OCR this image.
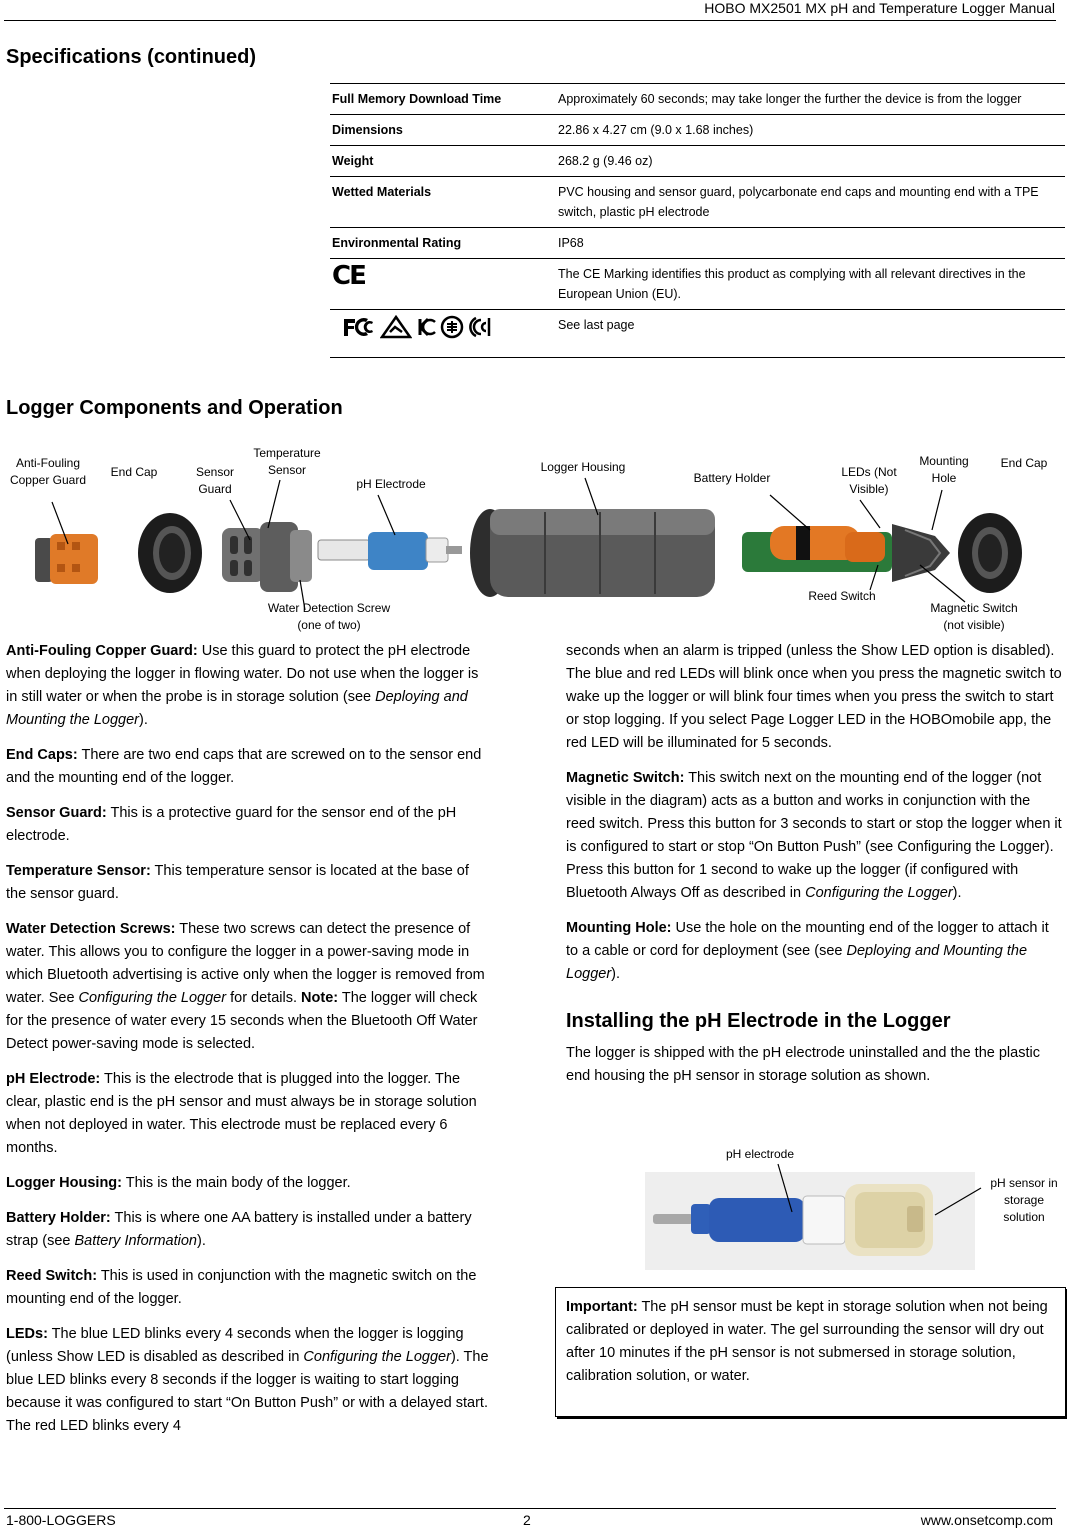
HOBO MX2501 MX pH and Temperature Logger Manual
Specifications (continued)
Full Memory Download Time	Approximately 60 seconds; may take longer the further the device is from the logger
Dimensions	22.86 x 4.27 cm (9.0 x 1.68 inches)
Weight	268.2 g (9.46 oz)
Wetted Materials	PVC housing and sensor guard, polycarbonate end caps and mounting end with a TPE switch, plastic pH electrode
Environmental Rating	IP68
CE	The CE Marking identifies this product as complying with all relevant directives in the European Union (EU).

	See last page
Logger Components and Operation
Anti-Fouling Copper Guard
End Cap	Sensor Guard
Temperature Sensor
pH Electrode
Logger Housing
Battery Holder	LEDs (Not Visible)
Mounting Hole
End Cap
Water Detection Screw (one of two)
Reed Switch
Magnetic Switch (not visible)

Anti-Fouling Copper Guard: Use this guard to protect the pH electrode when deploying the logger in flowing water. Do not use when the logger is in still water or when the probe is in storage solution (see Deploying and Mounting the Logger).

End Caps: There are two end caps that are screwed on to the sensor end and the mounting end of the logger.

Sensor Guard: This is a protective guard for the sensor end of the pH electrode.

Temperature Sensor: This temperature sensor is located at the base of the sensor guard.

Water Detection Screws: These two screws can detect the presence of water. This allows you to configure the logger in a power-saving mode in which Bluetooth advertising is active only when the logger is removed from water. See Configuring the Logger for details. Note: The logger will check for the presence of water every 15 seconds when the Bluetooth Off Water Detect power-saving mode is selected.

pH Electrode: This is the electrode that is plugged into the logger. The clear, plastic end is the pH sensor and must always be in storage solution when not deployed in water. This electrode must be replaced every 6 months.

Logger Housing: This is the main body of the logger.

Battery Holder: This is where one AA battery is installed under a battery strap (see Battery Information).

Reed Switch: This is used in conjunction with the magnetic switch on the mounting end of the logger.

LEDs: The blue LED blinks every 4 seconds when the logger is logging (unless Show LED is disabled as described in Configuring the Logger). The blue LED blinks every 8 seconds if the logger is waiting to start logging because it was configured to start “On Button Push” or with a delayed start. The red LED blinks every 4

seconds when an alarm is tripped (unless the Show LED option is disabled). The blue and red LEDs will blink once when you press the magnetic switch to wake up the logger or will blink four times when you press the switch to start or stop logging. If you select Page Logger LED in the HOBOmobile app, the red LED will be illuminated for 5 seconds.

Magnetic Switch: This switch next on the mounting end of the logger (not visible in the diagram) acts as a button and works in conjunction with the reed switch. Press this button for 3 seconds to start or stop the logger when it is configured to start or stop “On Button Push” (see Configuring the Logger). Press this button for 1 second to wake up the logger (if configured with Bluetooth Always Off as described in Configuring the Logger).

Mounting Hole: Use the hole on the mounting end of the logger to attach it to a cable or cord for deployment (see (see Deploying and Mounting the Logger).

Installing the pH Electrode in the Logger

The logger is shipped with the pH electrode uninstalled and the the plastic end housing the pH sensor in storage solution as shown.

pH electrode
pH sensor in storage solution
Important: The pH sensor must be kept in storage solution when not being calibrated or deployed in water. The gel surrounding the sensor will dry out after 10 minutes if the pH sensor is not submersed in storage solution, calibration solution, or water.
1-800-LOGGERS	2	www.onsetcomp.com
